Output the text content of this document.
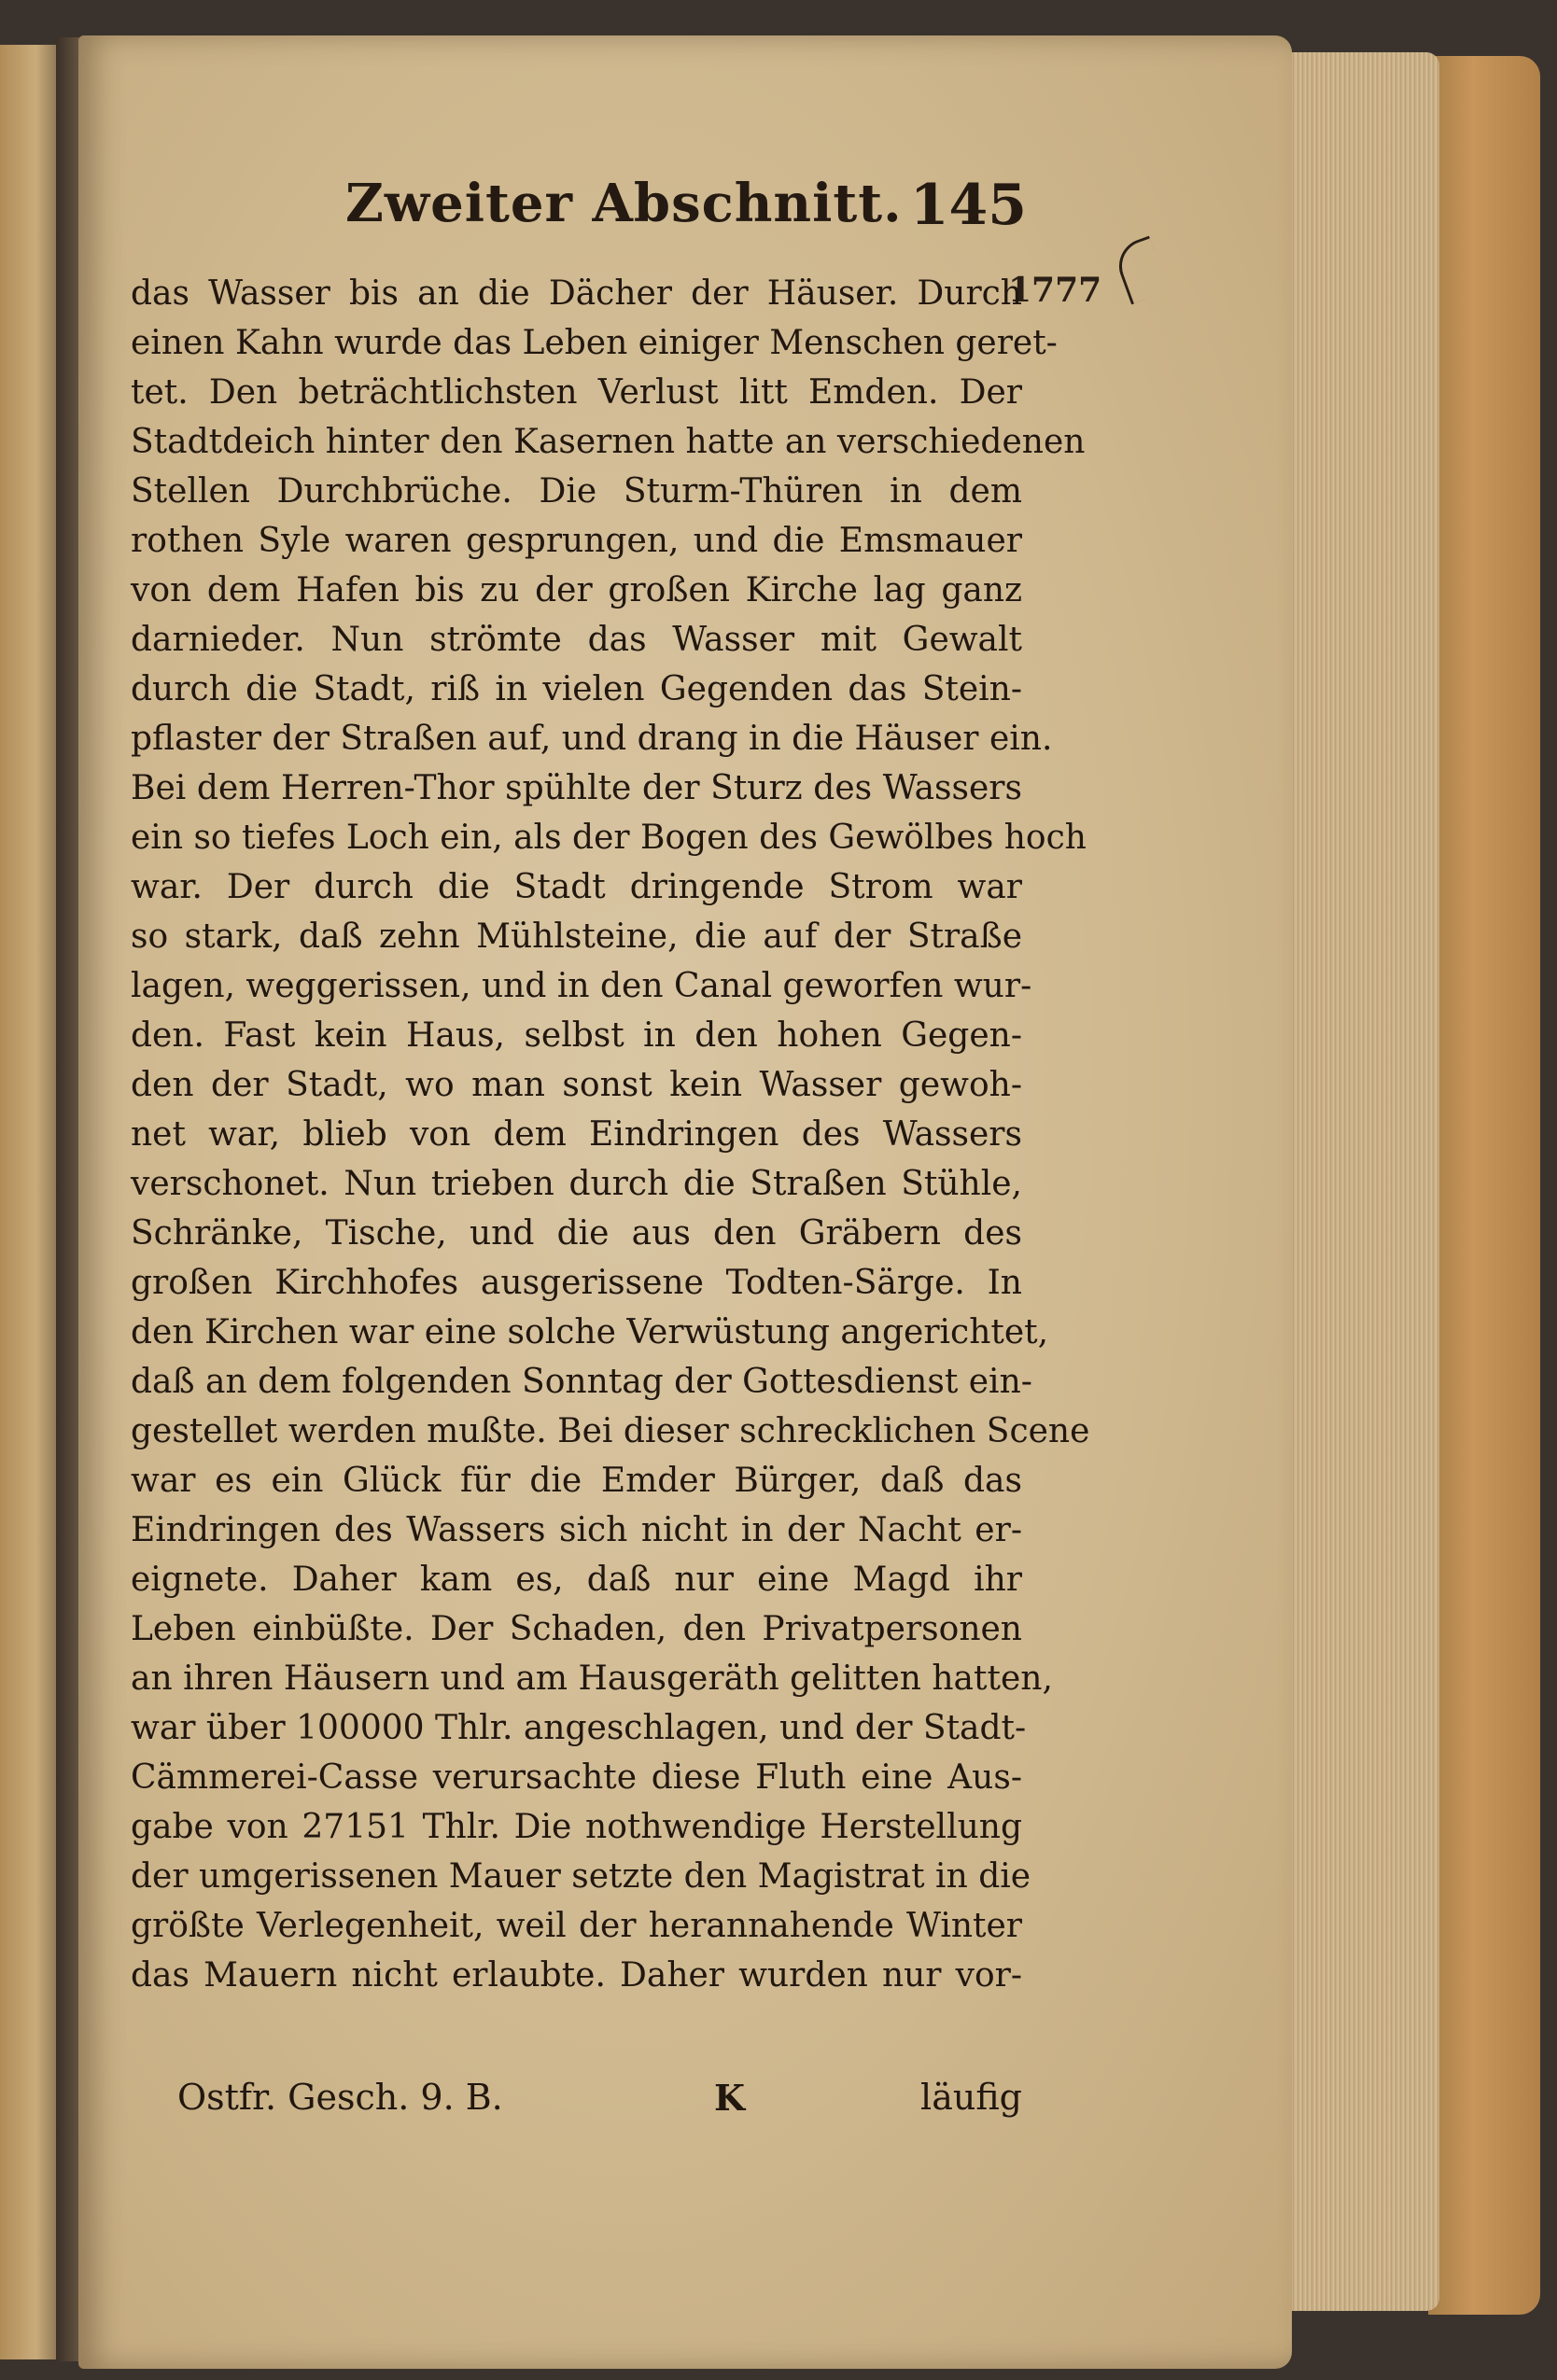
Zweiter Abschnitt. 145
1777
das Wasser bis an die Dächer der Häuser. Durch
einen Kahn wurde das Leben einiger Menschen geret-
tet. Den beträchtlichsten Verlust litt Emden. Der
Stadtdeich hinter den Kasernen hatte an verschiedenen
Stellen Durchbrüche. Die Sturm-Thüren in dem
rothen Syle waren gesprungen, und die Emsmauer
von dem Hafen bis zu der großen Kirche lag ganz
darnieder. Nun strömte das Wasser mit Gewalt
durch die Stadt, riß in vielen Gegenden das Stein-
pflaster der Straßen auf, und drang in die Häuser ein.
Bei dem Herren-Thor spühlte der Sturz des Wassers
ein so tiefes Loch ein, als der Bogen des Gewölbes hoch
war. Der durch die Stadt dringende Strom war
so stark, daß zehn Mühlsteine, die auf der Straße
lagen, weggerissen, und in den Canal geworfen wur-
den. Fast kein Haus, selbst in den hohen Gegen-
den der Stadt, wo man sonst kein Wasser gewoh-
net war, blieb von dem Eindringen des Wassers
verschonet. Nun trieben durch die Straßen Stühle,
Schränke, Tische, und die aus den Gräbern des
großen Kirchhofes ausgerissene Todten-Särge. In
den Kirchen war eine solche Verwüstung angerichtet,
daß an dem folgenden Sonntag der Gottesdienst ein-
gestellet werden mußte. Bei dieser schrecklichen Scene
war es ein Glück für die Emder Bürger, daß das
Eindringen des Wassers sich nicht in der Nacht er-
eignete. Daher kam es, daß nur eine Magd ihr
Leben einbüßte. Der Schaden, den Privatpersonen
an ihren Häusern und am Hausgeräth gelitten hatten,
war über 100000 Thlr. angeschlagen, und der Stadt-
Cämmerei-Casse verursachte diese Fluth eine Aus-
gabe von 27151 Thlr. Die nothwendige Herstellung
der umgerissenen Mauer setzte den Magistrat in die
größte Verlegenheit, weil der herannahende Winter
das Mauern nicht erlaubte. Daher wurden nur vor-
Ostfr. Gesch. 9. B.	K	läufig
